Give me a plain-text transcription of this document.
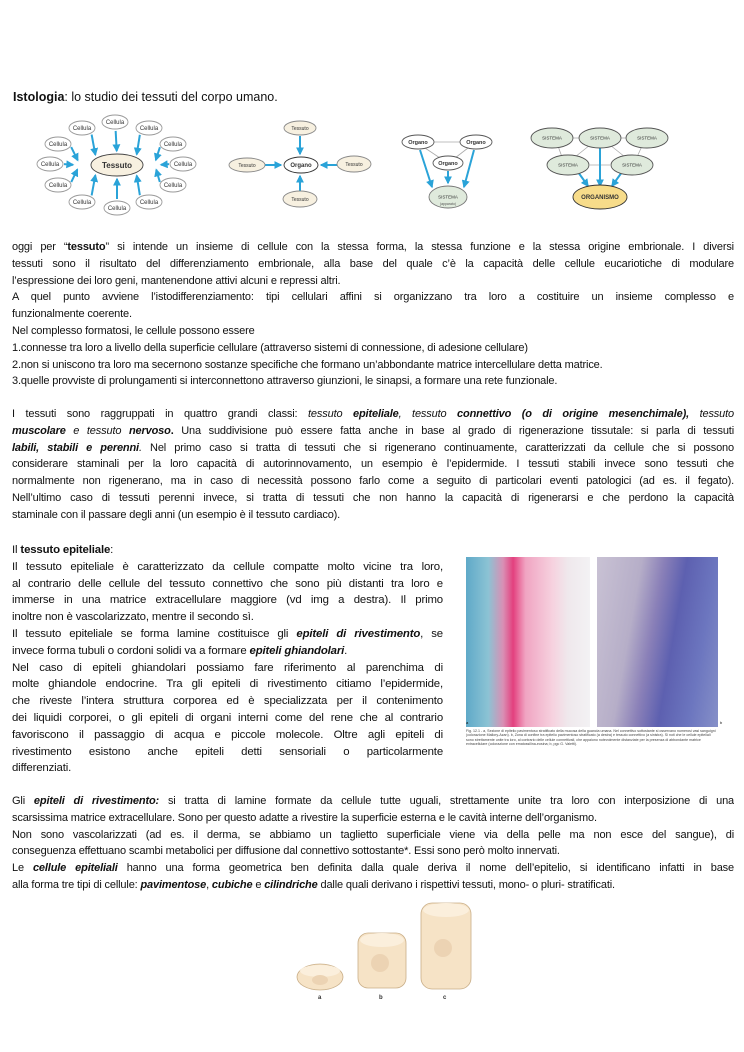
Istologia: lo studio dei tessuti del corpo umano.
Cellula
Cellula
Cellula
Cellula
Cellula
Cellula
Cellula
Cellula
Cellula
Cellula
Cellula
Cellula
Tessuto
Tessuto
Tessuto	Tessuto
Tessuto
Organo
Organo	Organo
Organo
SISTEMA
(apparato)
SISTEMA	SISTEMA	SISTEMA
SISTEMA	SISTEMA
ORGANISMO
oggi per “tessuto” si intende un insieme di cellule con la stessa forma, la stessa funzione e la stessa origine embrionale. I diversi
tessuti sono il risultato del differenziamento embrionale, alla base del quale c’è la capacità delle cellule eucariotiche di modulare
l’espressione dei loro geni, mantenendone attivi alcuni e repressi altri.
A quel punto avviene l’istodifferenziamento: tipi cellulari affini si organizzano tra loro a costituire un insieme complesso e
funzionalmente coerente.
Nel complesso formatosi, le cellule possono essere
1.connesse tra loro a livello della superficie cellulare (attraverso sistemi di connessione, di adesione cellulare)
2.non si uniscono tra loro ma secernono sostanze specifiche che formano un’abbondante matrice intercellulare detta matrice.
3.quelle provviste di prolungamenti si interconnettono attraverso giunzioni, le sinapsi, a formare una rete funzionale.
I tessuti sono raggruppati in quattro grandi classi: tessuto epiteliale, tessuto connettivo (o di origine mesenchimale), tessuto
muscolare e tessuto nervoso. Una suddivisione può essere fatta anche in base al grado di rigenerazione tissutale: si parla di tessuti
labili, stabili e perenni. Nel primo caso si tratta di tessuti che si rigenerano continuamente, caratterizzati da cellule che si possono
considerare staminali per la loro capacità di autorinnovamento, un esempio è l’epidermide. I tessuti stabili invece sono tessuti che
normalmente non rigenerano, ma in caso di necessità possono farlo come a seguito di particolari eventi patologici (ad es. il fegato).
Nell’ultimo caso di tessuti perenni invece, si tratta di tessuti che non hanno la capacità di rigenerarsi e che perdono la capacità
staminale con il passare degli anni (un esempio è il tessuto cardiaco).
Il tessuto epiteliale:
Il tessuto epiteliale è caratterizzato da cellule compatte molto vicine tra loro,
al contrario delle cellule del tessuto connettivo che sono più distanti tra loro e
immerse in una matrice extracellulare maggiore (vd img a destra). Il primo
inoltre non è vascolarizzato, mentre il secondo sì.
Il tessuto epiteliale se forma lamine costituisce gli epiteli di rivestimento, se
invece forma tubuli o cordoni solidi va a formare epiteli ghiandolari.
Nel caso di epiteli ghiandolari possiamo fare riferimento al parenchima di
molte ghiandole endocrine. Tra gli epiteli di rivestimento citiamo l’epidermide,
che riveste l’intera struttura corporea ed è specializzata per il contenimento
dei liquidi corporei, o gli epiteli di organi interni come del rene che al contrario
favoriscono il passaggio di acqua e piccole molecole. Oltre agli epiteli di
rivestimento esistono anche epiteli detti sensoriali o particolarmente
differenziati.
Gli epiteli di rivestimento: si tratta di lamine formate da cellule tutte uguali, strettamente unite tra loro con interposizione di una
scarsissima matrice extracellulare. Sono per questo adatte a rivestire la superficie esterna e le cavità interne dell’organismo.
Non sono vascolarizzati (ad es. il derma, se abbiamo un taglietto superficiale viene via della pelle ma non esce del sangue), di
conseguenza effettuano scambi metabolici per diffusione dal connettivo sottostante*. Essi sono però molto innervati.
Le cellule epiteliali hanno una forma geometrica ben definita dalla quale deriva il nome dell’epitelio, si identificano infatti in base
alla forma tre tipi di cellule: pavimentose, cubiche e cilindriche dalle quali derivano i rispettivi tessuti, mono- o pluri- stratificati.
a	b
Fig. 12.1 - a, Sezione di epitelio pavimentoso stratificato della mucosa della guancia umana. Nel connettivo sottostante si osservano numerosi vasi sanguigni (colorazione Mallory-Azan). b, Zona di confine tra epitelio pavimentoso stratificato (a destra) e tessuto connettivo (a sinistra). Si noti che le cellule epiteliali sono strettamente unite tra loro, al contrario delle cellule connettivali, che appaiono notevolmente distanziate per la presenza di abbondante matrice extracellulare (colorazione con ematossilina-eosina; b, pgc G. Valetti).
a	b	c
